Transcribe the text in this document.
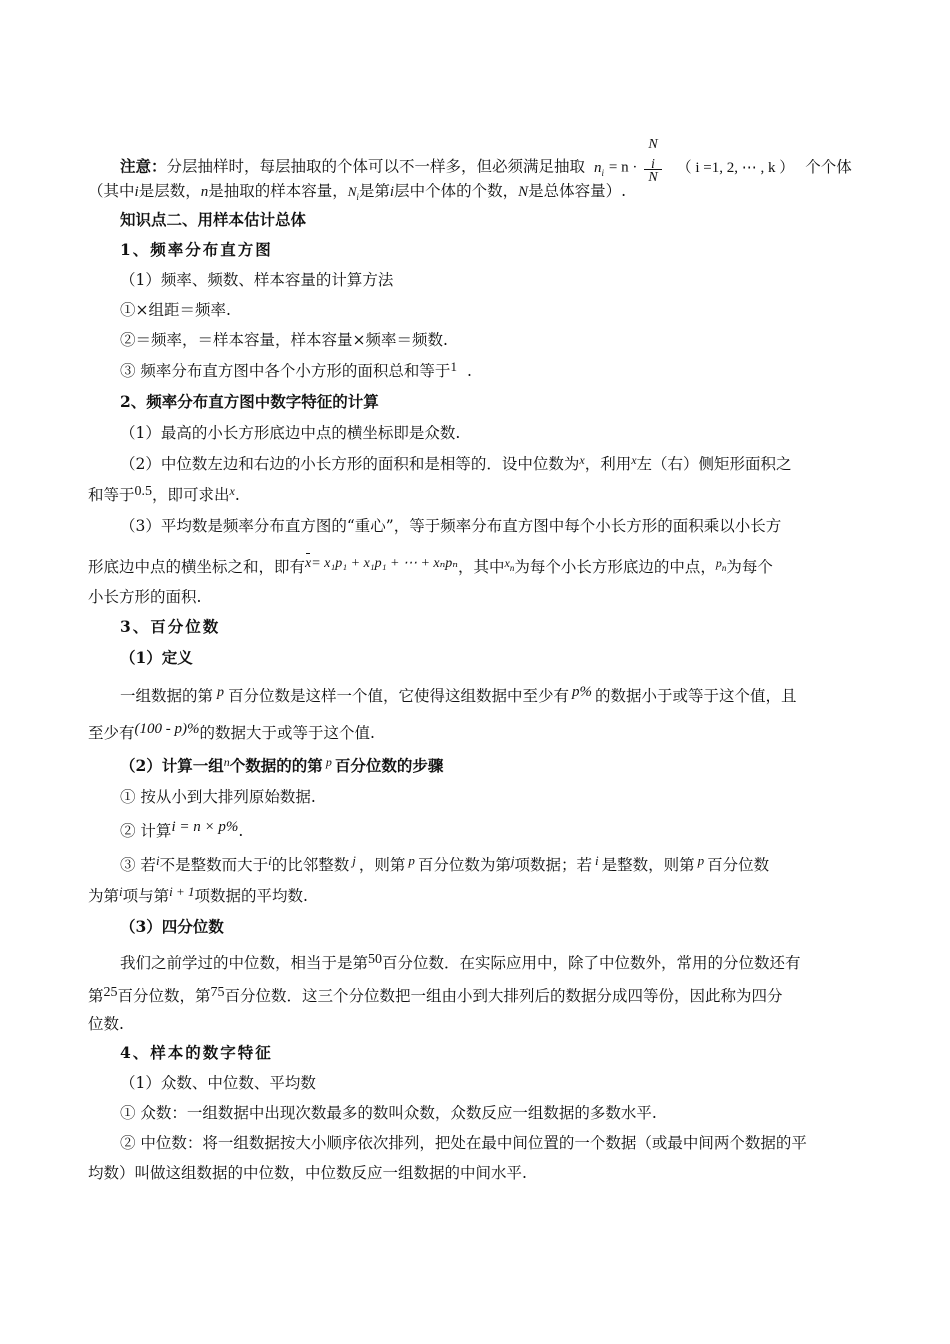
注意：分层抽样时，每层抽取的个体可以不一样多，但必须满足抽取 $n_i = n \cdot N$
i
N （ i =1, 2, ⋯ , k ） 个个体
（其中i是层数，n是抽取的样本容量，$N_i$是第i层中个体的个数，N是总体容量）.
知识点二、用样本估计总体
1、频率分布直方图
（1）频率、频数、样本容量的计算方法
①×组距＝频率.
②＝频率，＝样本容量，样本容量×频率＝频数.
③ 频率分布直方图中各个小方形的面积总和等于$^1$ .
2、频率分布直方图中数字特征的计算
（1）最高的小长方形底边中点的横坐标即是众数.
（2）中位数左边和右边的小长方形的面积和是相等的．设中位数为$^x$，利用$^x$左（右）侧矩形面积之
和等于0.5，即可求出$^x$.
（3）平均数是频率分布直方图的“重心”，等于频率分布直方图中每个小长方形的面积乘以小长方
形底边中点的横坐标之和，即有x= x₁p₁ + x₁p₁ + ⋯ + xₙpₙ，其中$^{x_n}$为每个小长方形底边的中点，$^{p_n}$为每个
小长方形的面积.
3、百分位数
（1）定义
一组数据的第 p 百分位数是这样一个值，它使得这组数据中至少有 p% 的数据小于或等于这个值，且
至少有(100 - p)%的数据大于或等于这个值.
（2）计算一组$^n$个数据的的第 $^p$ 百分位数的步骤
① 按从小到大排列原始数据.
② 计算i = n × p%.
③ 若$^i$不是整数而大于$^i$的比邻整数 $^j$ ，则第 $^p$ 百分位数为第$^j$项数据；若 $^i$ 是整数，则第 $^p$ 百分位数
为第$^i$项与第$^{i + 1}$项数据的平均数.
（3）四分位数
我们之前学过的中位数，相当于是第50百分位数．在实际应用中，除了中位数外，常用的分位数还有
第25百分位数，第75百分位数．这三个分位数把一组由小到大排列后的数据分成四等份，因此称为四分
位数.
4、样本的数字特征
（1）众数、中位数、平均数
① 众数：一组数据中出现次数最多的数叫众数，众数反应一组数据的多数水平.
② 中位数：将一组数据按大小顺序依次排列，把处在最中间位置的一个数据（或最中间两个数据的平
均数）叫做这组数据的中位数，中位数反应一组数据的中间水平.
